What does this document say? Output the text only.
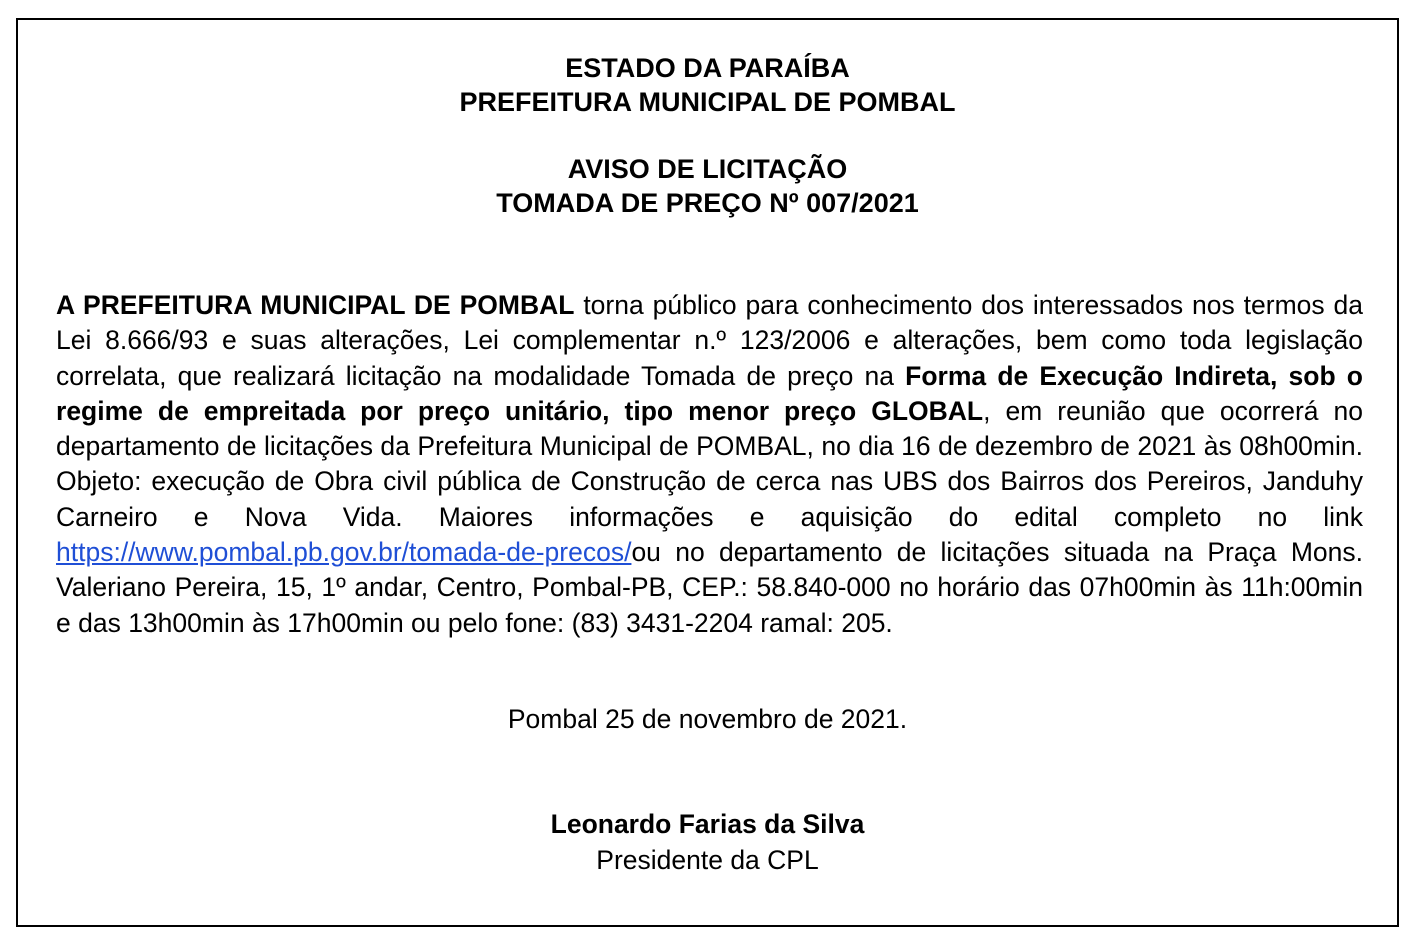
ESTADO DA PARAÍBA
PREFEITURA MUNICIPAL DE POMBAL
AVISO DE LICITAÇÃO
TOMADA DE PREÇO Nº 007/2021
A PREFEITURA MUNICIPAL DE POMBAL torna público para conhecimento dos interessados nos termos da Lei 8.666/93 e suas alterações, Lei complementar n.º 123/2006 e alterações, bem como toda legislação correlata, que realizará licitação na modalidade Tomada de preço na Forma de Execução Indireta, sob o regime de empreitada por preço unitário, tipo menor preço GLOBAL, em reunião que ocorrerá no departamento de licitações da Prefeitura Municipal de POMBAL, no dia 16 de dezembro de 2021 às 08h00min. Objeto: execução de Obra civil pública de Construção de cerca nas UBS dos Bairros dos Pereiros, Janduhy Carneiro e Nova Vida. Maiores informações e aquisição do edital completo no link https://www.pombal.pb.gov.br/tomada-de-precos/ou no departamento de licitações situada na Praça Mons. Valeriano Pereira, 15, 1º andar, Centro, Pombal-PB, CEP.: 58.840-000 no horário das 07h00min às 11h:00min e das 13h00min às 17h00min ou pelo fone: (83) 3431-2204 ramal: 205.
Pombal 25 de novembro de 2021.
Leonardo Farias da Silva
Presidente da CPL
